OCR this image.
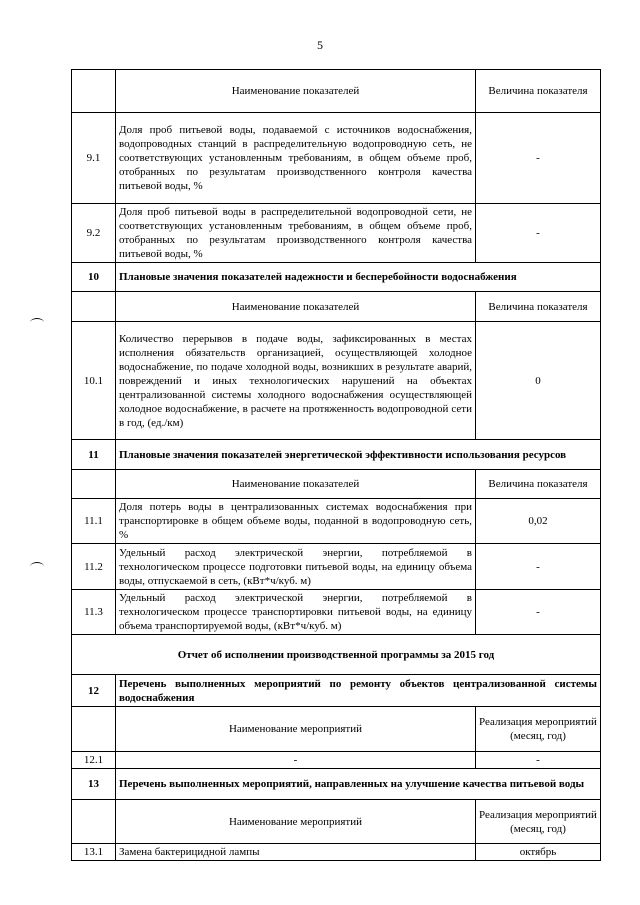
5
	Наименование показателей	Величина показателя
9.1	Доля проб питьевой воды, подаваемой с источников водоснабжения, водопроводных станций в распределительную водопроводную сеть, не соответствующих установленным требованиям, в общем объеме проб, отобранных по результатам производственного контроля качества питьевой воды, %	-
9.2	Доля проб питьевой воды в распределительной водопроводной сети, не соответствующих установленным требованиям, в общем объеме проб, отобранных по результатам производственного контроля качества питьевой воды, %	-
10	Плановые значения показателей надежности и бесперебойности водоснабжения	
	Наименование показателей	Величина показателя
10.1	Количество перерывов в подаче воды, зафиксированных в местах исполнения обязательств организацией, осуществляющей холодное водоснабжение, по подаче холодной воды, возникших в результате аварий, повреждений и иных технологических нарушений на объектах централизованной системы холодного водоснабжения осуществляющей холодное водоснабжение, в расчете на протяженность водопроводной сети в год, (ед./км)	0
11	Плановые значения показателей энергетической эффективности использования ресурсов	
	Наименование показателей	Величина показателя
11.1	Доля потерь воды в централизованных системах водоснабжения при транспортировке в общем объеме воды, поданной в водопроводную сеть, %	0,02
11.2	Удельный расход электрической энергии, потребляемой в технологическом процессе подготовки питьевой воды, на единицу объема воды, отпускаемой в сеть, (кВт*ч/куб. м)	-
11.3	Удельный расход электрической энергии, потребляемой в технологическом процессе транспортировки питьевой воды, на единицу объема транспортируемой воды, (кВт*ч/куб. м)	-
Отчет об исполнении производственной программы за 2015 год		
12	Перечень выполненных мероприятий по ремонту объектов централизованной системы водоснабжения	
	Наименование мероприятий	Реализация мероприятий (месяц, год)
12.1	-	-
13	Перечень выполненных мероприятий, направленных на улучшение качества питьевой воды	
	Наименование мероприятий	Реализация мероприятий (месяц, год)
13.1	Замена бактерицидной лампы	октябрь
